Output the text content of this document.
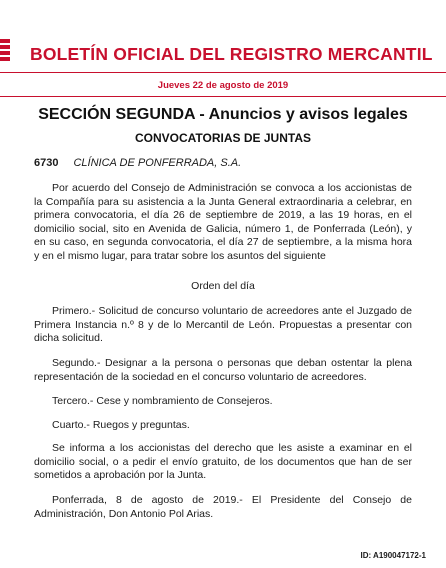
BOLETÍN OFICIAL DEL REGISTRO MERCANTIL
Jueves 22 de agosto de 2019
SECCIÓN SEGUNDA - Anuncios y avisos legales
CONVOCATORIAS DE JUNTAS
6730 CLÍNICA DE PONFERRADA, S.A.

Por acuerdo del Consejo de Administración se convoca a los accionistas de la Compañía para su asistencia a la Junta General extraordinaria a celebrar, en primera convocatoria, el día 26 de septiembre de 2019, a las 19 horas, en el domicilio social, sito en Avenida de Galicia, número 1, de Ponferrada (León), y en su caso, en segunda convocatoria, el día 27 de septiembre, a la misma hora y en el mismo lugar, para tratar sobre los asuntos del siguiente

Orden del día

Primero.- Solicitud de concurso voluntario de acreedores ante el Juzgado de Primera Instancia n.º 8 y de lo Mercantil de León. Propuestas a presentar con dicha solicitud.

Segundo.- Designar a la persona o personas que deban ostentar la plena representación de la sociedad en el concurso voluntario de acreedores.

Tercero.- Cese y nombramiento de Consejeros.

Cuarto.- Ruegos y preguntas.

Se informa a los accionistas del derecho que les asiste a examinar en el domicilio social, o a pedir el envío gratuito, de los documentos que han de ser sometidos a aprobación por la Junta.

Ponferrada, 8 de agosto de 2019.- El Presidente del Consejo de Administración, Don Antonio Pol Arias.

ID: A190047172-1
